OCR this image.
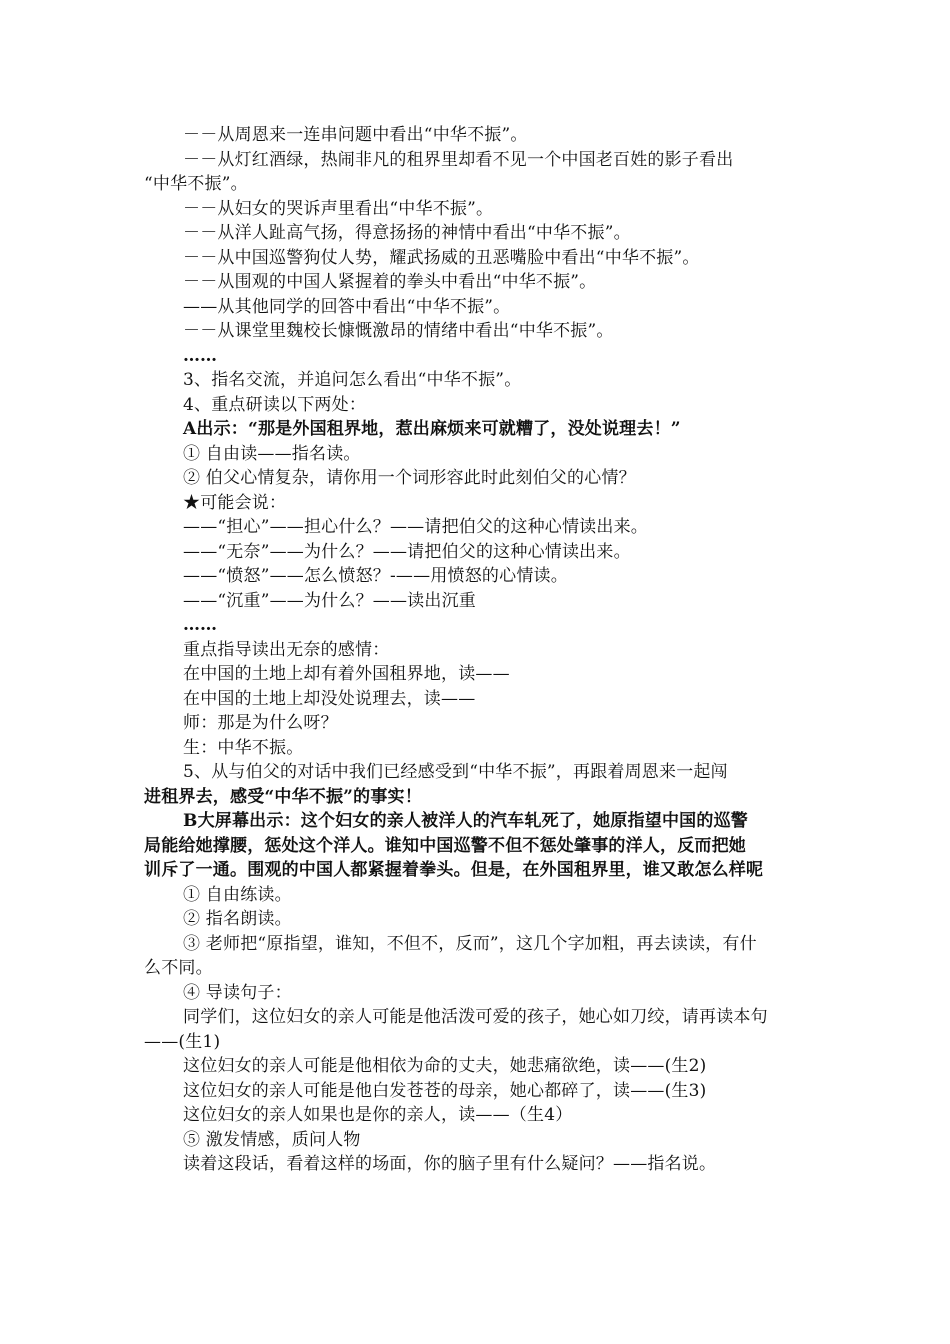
－－从周恩来一连串问题中看出“中华不振”。
－－从灯红酒绿，热闹非凡的租界里却看不见一个中国老百姓的影子看出
“中华不振”。
－－从妇女的哭诉声里看出“中华不振”。
－－从洋人趾高气扬，得意扬扬的神情中看出“中华不振”。
－－从中国巡警狗仗人势，耀武扬威的丑恶嘴脸中看出“中华不振”。
－－从围观的中国人紧握着的拳头中看出“中华不振”。
——从其他同学的回答中看出“中华不振”。
－－从课堂里魏校长慷慨激昂的情绪中看出“中华不振”。
……
3、指名交流，并追问怎么看出“中华不振”。
4、重点研读以下两处：
A出示：“那是外国租界地，惹出麻烦来可就糟了，没处说理去！”
① 自由读——指名读。
② 伯父心情复杂，请你用一个词形容此时此刻伯父的心情？
★可能会说：
——“担心”——担心什么？——请把伯父的这种心情读出来。
——“无奈”——为什么？——请把伯父的这种心情读出来。
——“愤怒”——怎么愤怒？-——用愤怒的心情读。
——“沉重”——为什么？——读出沉重
……
重点指导读出无奈的感情：
在中国的土地上却有着外国租界地，读——
在中国的土地上却没处说理去，读——
师：那是为什么呀？
生：中华不振。
5、从与伯父的对话中我们已经感受到“中华不振”，再跟着周恩来一起闯
进租界去，感受“中华不振”的事实！
B大屏幕出示：这个妇女的亲人被洋人的汽车轧死了，她原指望中国的巡警
局能给她撑腰，惩处这个洋人。谁知中国巡警不但不惩处肇事的洋人，反而把她
训斥了一通。围观的中国人都紧握着拳头。但是，在外国租界里，谁又敢怎么样呢
① 自由练读。
② 指名朗读。
③ 老师把“原指望，谁知，不但不，反而”，这几个字加粗，再去读读，有什
么不同。
④ 导读句子：
同学们，这位妇女的亲人可能是他活泼可爱的孩子，她心如刀绞，请再读本句
——(生1)
这位妇女的亲人可能是他相依为命的丈夫，她悲痛欲绝，读——(生2)
这位妇女的亲人可能是他白发苍苍的母亲，她心都碎了，读——(生3)
这位妇女的亲人如果也是你的亲人，读——（生4）
⑤ 激发情感，质问人物
读着这段话，看着这样的场面，你的脑子里有什么疑问？——指名说。
